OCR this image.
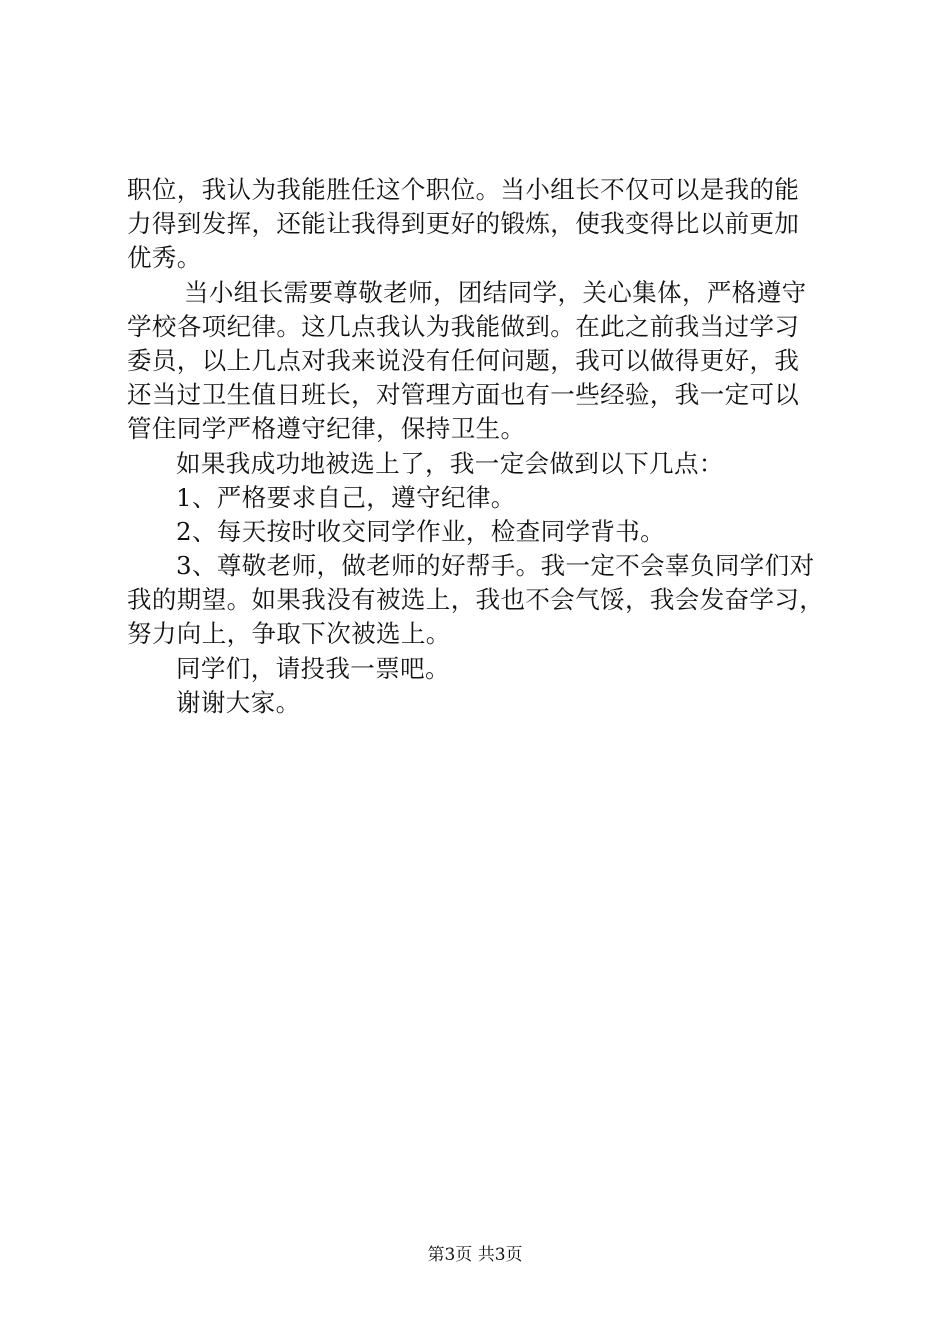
职位，我认为我能胜任这个职位。当小组长不仅可以是我的能
力得到发挥，还能让我得到更好的锻炼，使我变得比以前更加
优秀。
当小组长需要尊敬老师，团结同学，关心集体，严格遵守
学校各项纪律。这几点我认为我能做到。在此之前我当过学习
委员，以上几点对我来说没有任何问题，我可以做得更好，我
还当过卫生值日班长，对管理方面也有一些经验，我一定可以
管住同学严格遵守纪律，保持卫生。
如果我成功地被选上了，我一定会做到以下几点：
1、严格要求自己，遵守纪律。
2、每天按时收交同学作业，检查同学背书。
3、尊敬老师，做老师的好帮手。我一定不会辜负同学们对
我的期望。如果我没有被选上，我也不会气馁，我会发奋学习，
努力向上，争取下次被选上。
同学们，请投我一票吧。
谢谢大家。
第3页 共3页
